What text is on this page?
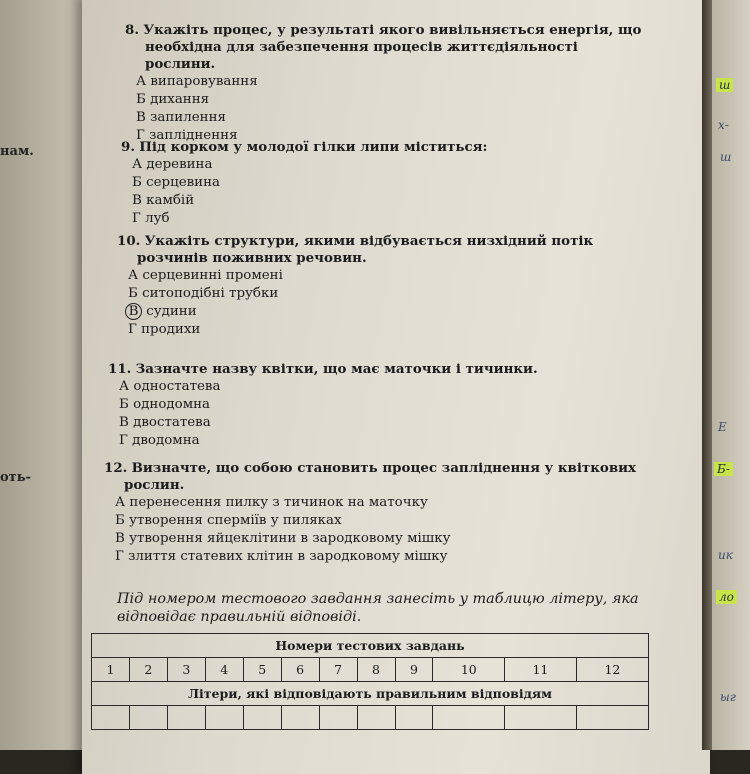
нам.
оть-
ш
х-
ш
Е
Б-
ик
ло
ыг
8. Укажіть процес, у результаті якого вивільняється енергія, що необхідна для забезпечення процесів життєдіяльності рослини.
А випаровування
Б дихання
В запилення
Г запліднення
9. Під корком у молодої гілки липи міститься:
А деревина
Б серцевина
В камбій
Г луб
10. Укажіть структури, якими відбувається низхідний потік розчинів поживних речовин.
А серцевинні промені
Б ситоподібні трубки
В судини
Г продихи
11. Зазначте назву квітки, що має маточки і тичинки.
А одностатева
Б однодомна
В двостатева
Г дводомна
12. Визначте, що собою становить процес запліднення у квіткових рослин.
А перенесення пилку з тичинок на маточку
Б утворення спермiїв у пиляках
В утворення яйцеклітини в зародковому мішку
Г злиття статевих клітин в зародковому мішку
Під номером тестового завдання занесіть у таблицю літеру, яка відповідає правильній відповіді.
Номери тестових завдань											
1	2	3	4	5	6	7	8	9	10	11	12
Літери, які відповідають правильним відповідям											
